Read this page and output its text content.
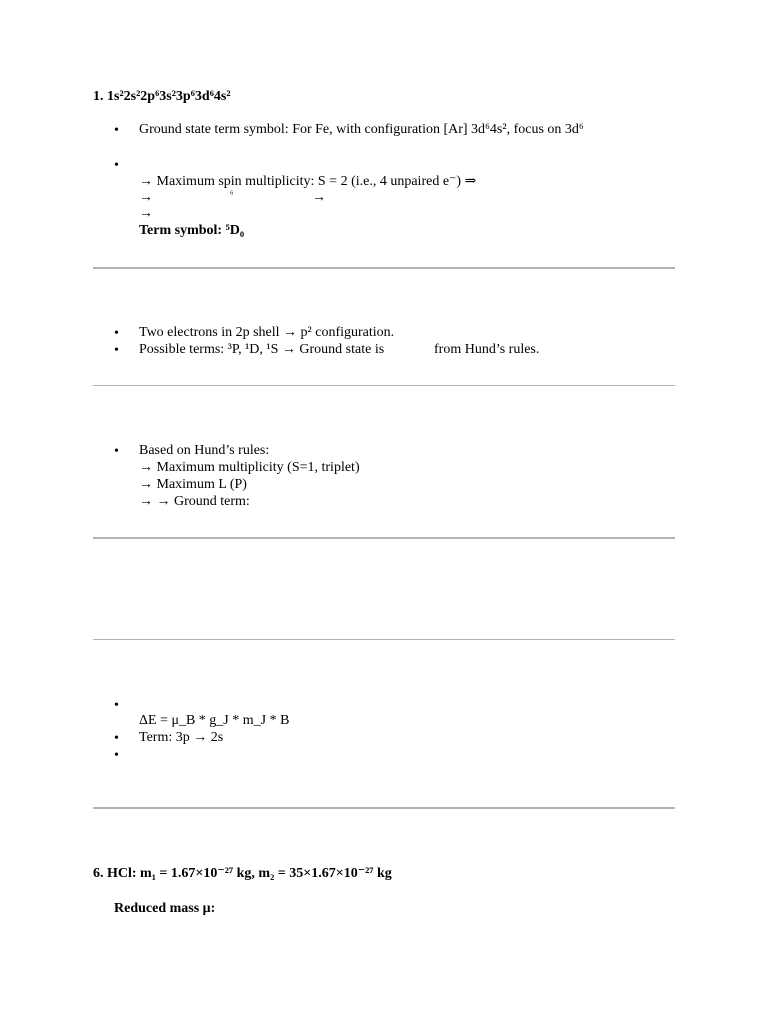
1. 1s²2s²2p⁶3s²3p⁶3d⁶4s²
• Ground state term symbol: For Fe, with configuration [Ar] 3d⁶4s², focus on 3d⁶
•
→ Maximum spin multiplicity: S = 2 (i.e., 4 unpaired e⁻) ⇒
→	⁶	→
→
Term symbol: ⁵D₀
• Two electrons in 2p shell → p² configuration.
• Possible terms: ³P, ¹D, ¹S → Ground state is	from Hund’s rules.
• Based on Hund’s rules:
→ Maximum multiplicity (S=1, triplet)
→ Maximum L (P)
→ → Ground term:
•
ΔE = μ_B * g_J * m_J * B
• Term: 3p → 2s
•
6. HCl: m₁ = 1.67×10⁻²⁷ kg, m₂ = 35×1.67×10⁻²⁷ kg
Reduced mass μ:
